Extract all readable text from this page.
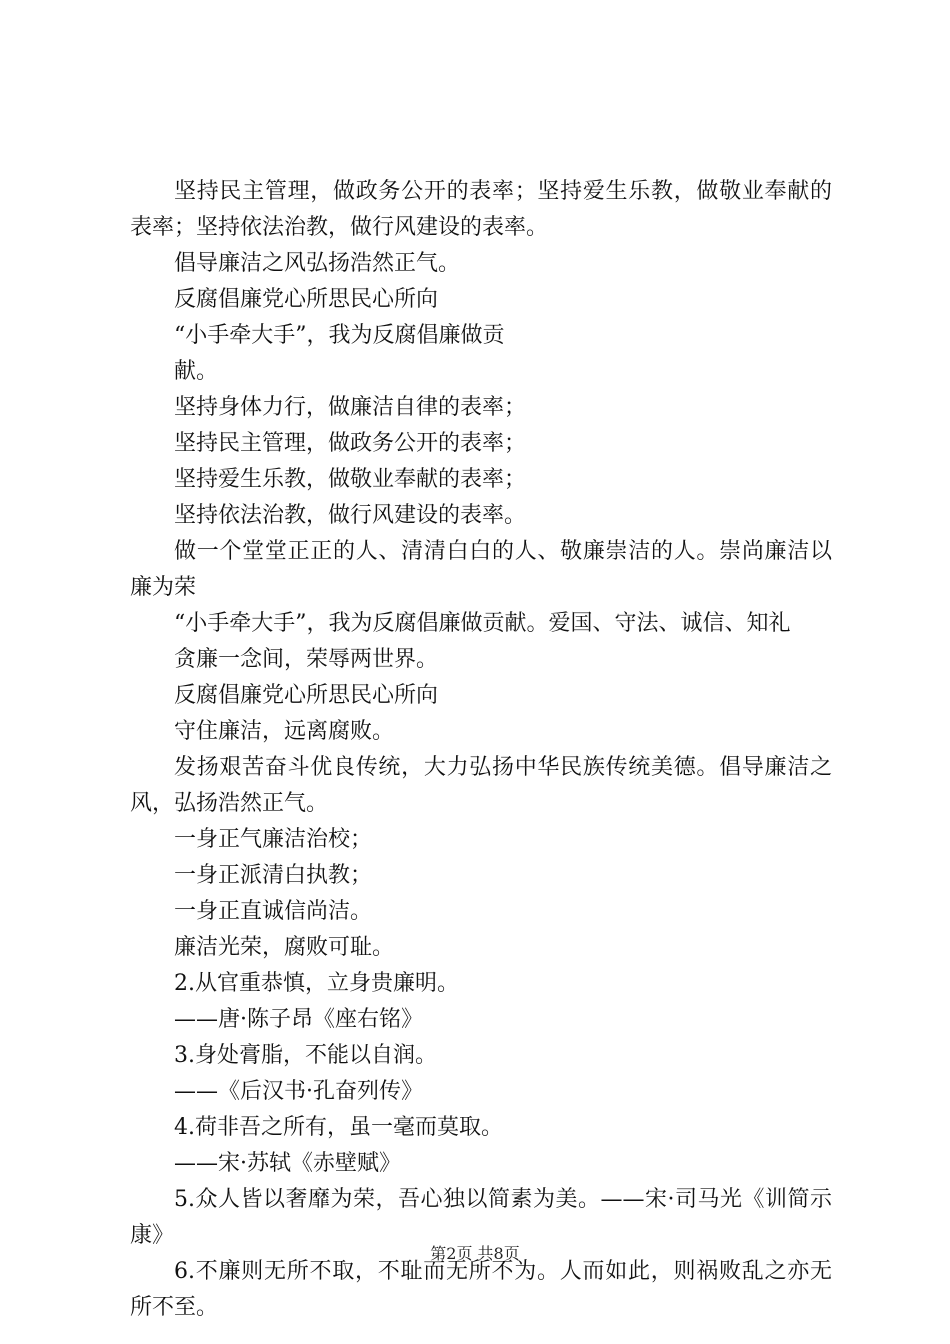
坚持民主管理，做政务公开的表率；坚持爱生乐教，做敬业奉献的表率；坚持依法治教，做行风建设的表率。

倡导廉洁之风弘扬浩然正气。

反腐倡廉党心所思民心所向

“小手牵大手”，我为反腐倡廉做贡

献。

坚持身体力行，做廉洁自律的表率；

坚持民主管理，做政务公开的表率；

坚持爱生乐教，做敬业奉献的表率；

坚持依法治教，做行风建设的表率。

做一个堂堂正正的人、清清白白的人、敬廉崇洁的人。崇尚廉洁以廉为荣

“小手牵大手”，我为反腐倡廉做贡献。爱国、守法、诚信、知礼

贪廉一念间，荣辱两世界。

反腐倡廉党心所思民心所向

守住廉洁，远离腐败。

发扬艰苦奋斗优良传统，大力弘扬中华民族传统美德。倡导廉洁之风，弘扬浩然正气。

一身正气廉洁治校；

一身正派清白执教；

一身正直诚信尚洁。

廉洁光荣，腐败可耻。

2.从官重恭慎，立身贵廉明。

——唐·陈子昂《座右铭》

3.身处膏脂，不能以自润。

——《后汉书·孔奋列传》

4.荷非吾之所有，虽一毫而莫取。

——宋·苏轼《赤壁赋》

5.众人皆以奢靡为荣，吾心独以简素为美。——宋·司马光《训简示康》

6.不廉则无所不取，不耻而无所不为。人而如此，则祸败乱之亦无所不至。

第2页 共8页
